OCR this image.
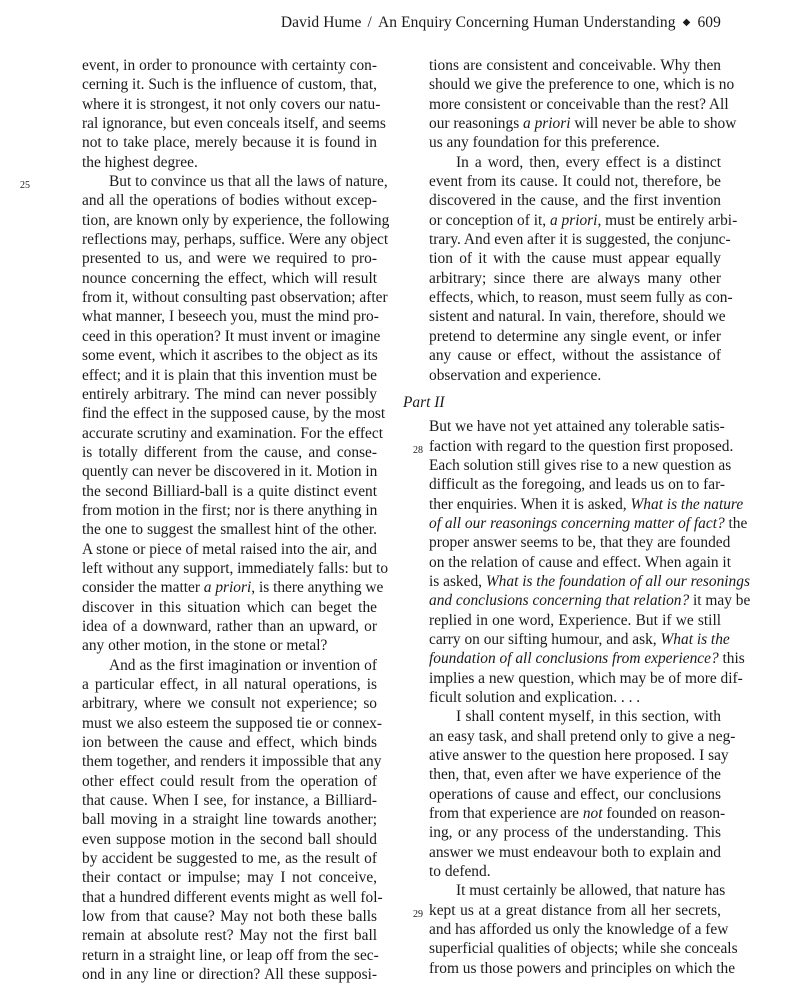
David Hume / An Enquiry Concerning Human Understanding ◆ 609
event, in order to pronounce with certainty con-
cerning it. Such is the influence of custom, that,
where it is strongest, it not only covers our natu-
ral ignorance, but even conceals itself, and seems
not to take place, merely because it is found in
the highest degree.
25	But to convince us that all the laws of nature,
and all the operations of bodies without excep-
tion, are known only by experience, the following
reflections may, perhaps, suffice. Were any object
presented to us, and were we required to pro-
nounce concerning the effect, which will result
from it, without consulting past observation; after
what manner, I beseech you, must the mind pro-
ceed in this operation? It must invent or imagine
some event, which it ascribes to the object as its
effect; and it is plain that this invention must be
entirely arbitrary. The mind can never possibly
find the effect in the supposed cause, by the most
accurate scrutiny and examination. For the effect
is totally different from the cause, and conse-
quently can never be discovered in it. Motion in
the second Billiard-ball is a quite distinct event
from motion in the first; nor is there anything in
the one to suggest the smallest hint of the other.
A stone or piece of metal raised into the air, and
left without any support, immediately falls: but to
consider the matter a priori, is there anything we
discover in this situation which can beget the
idea of a downward, rather than an upward, or
any other motion, in the stone or metal?
And as the first imagination or invention of
a particular effect, in all natural operations, is
arbitrary, where we consult not experience; so
must we also esteem the supposed tie or connex-
ion between the cause and effect, which binds
them together, and renders it impossible that any
other effect could result from the operation of
that cause. When I see, for instance, a Billiard-
ball moving in a straight line towards another;
even suppose motion in the second ball should
by accident be suggested to me, as the result of
their contact or impulse; may I not conceive,
that a hundred different events might as well fol-
low from that cause? May not both these balls
remain at absolute rest? May not the first ball
return in a straight line, or leap off from the sec-
ond in any line or direction? All these supposi-
tions are consistent and conceivable. Why then
should we give the preference to one, which is no
more consistent or conceivable than the rest? All
our reasonings a priori will never be able to show
us any foundation for this preference.
In a word, then, every effect is a distinct
event from its cause. It could not, therefore, be
discovered in the cause, and the first invention
or conception of it, a priori, must be entirely arbi-
trary. And even after it is suggested, the conjunc-
tion of it with the cause must appear equally
arbitrary; since there are always many other
effects, which, to reason, must seem fully as con-
sistent and natural. In vain, therefore, should we
pretend to determine any single event, or infer
any cause or effect, without the assistance of
observation and experience.
Part II
But we have not yet attained any tolerable satis-
28 faction with regard to the question first proposed.
Each solution still gives rise to a new question as
difficult as the foregoing, and leads us on to far-
ther enquiries. When it is asked, What is the nature
of all our reasonings concerning matter of fact? the
proper answer seems to be, that they are founded
on the relation of cause and effect. When again it
is asked, What is the foundation of all our resonings
and conclusions concerning that relation? it may be
replied in one word, Experience. But if we still
carry on our sifting humour, and ask, What is the
foundation of all conclusions from experience? this
implies a new question, which may be of more dif-
ficult solution and explication. . . .
I shall content myself, in this section, with
an easy task, and shall pretend only to give a neg-
ative answer to the question here proposed. I say
then, that, even after we have experience of the
operations of cause and effect, our conclusions
from that experience are not founded on reason-
ing, or any process of the understanding. This
answer we must endeavour both to explain and
to defend.
It must certainly be allowed, that nature has
29 kept us at a great distance from all her secrets,
and has afforded us only the knowledge of a few
superficial qualities of objects; while she conceals
from us those powers and principles on which the
